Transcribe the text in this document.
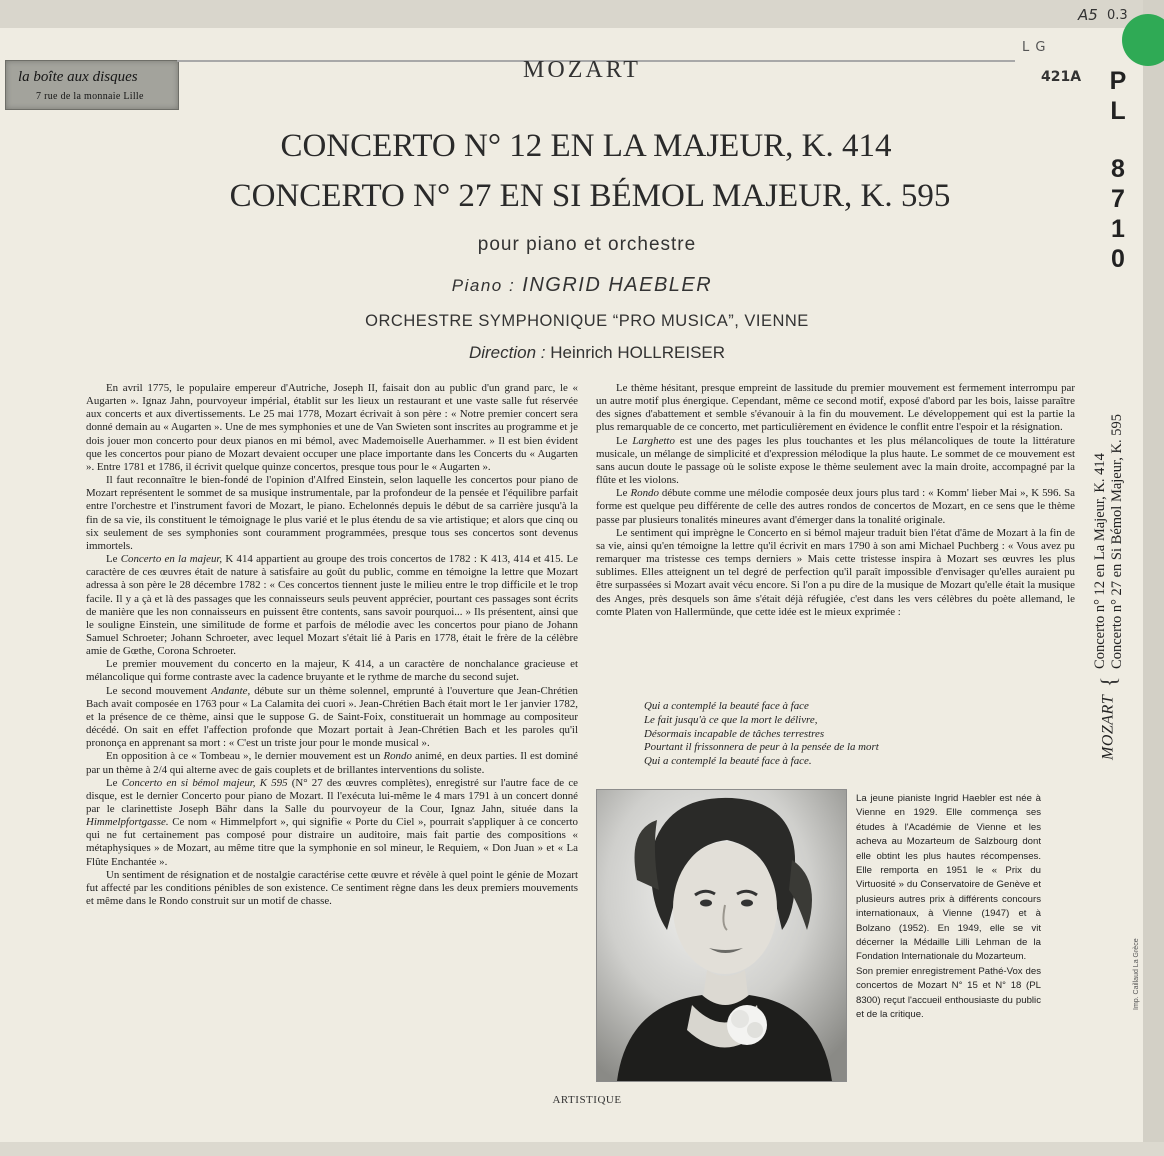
la boîte aux disques
7 rue de la monnaie Lille
MOZART
CONCERTO N° 12 EN LA MAJEUR, K. 414
CONCERTO N° 27 EN SI BÉMOL MAJEUR, K. 595
pour piano et orchestre
Piano : INGRID HAEBLER
ORCHESTRE SYMPHONIQUE “PRO MUSICA”, VIENNE
Direction : Heinrich HOLLREISER

En avril 1775, le populaire empereur d'Autriche, Joseph II, faisait don au public d'un grand parc, le « Augarten ». Ignaz Jahn, pourvoyeur impérial, établit sur les lieux un restaurant et une vaste salle fut réservée aux concerts et aux divertissements. Le 25 mai 1778, Mozart écrivait à son père : « Notre premier concert sera donné demain au « Augarten ». Une de mes symphonies et une de Van Swieten sont inscrites au programme et je dois jouer mon concerto pour deux pianos en mi bémol, avec Mademoiselle Auerhammer. » Il est bien évident que les concertos pour piano de Mozart devaient occuper une place importante dans les Concerts du « Augarten ». Entre 1781 et 1786, il écrivit quelque quinze concertos, presque tous pour le « Augarten ».

Il faut reconnaître le bien-fondé de l'opinion d'Alfred Einstein, selon laquelle les concertos pour piano de Mozart représentent le sommet de sa musique instrumentale, par la profondeur de la pensée et l'équilibre parfait entre l'orchestre et l'instrument favori de Mozart, le piano. Echelonnés depuis le début de sa carrière jusqu'à la fin de sa vie, ils constituent le témoignage le plus varié et le plus étendu de sa vie artistique; et alors que cinq ou six seulement de ses symphonies sont couramment programmées, presque tous ses concertos sont devenus immortels.

Le Concerto en la majeur, K 414 appartient au groupe des trois concertos de 1782 : K 413, 414 et 415. Le caractère de ces œuvres était de nature à satisfaire au goût du public, comme en témoigne la lettre que Mozart adressa à son père le 28 décembre 1782 : « Ces concertos tiennent juste le milieu entre le trop difficile et le trop facile. Il y a çà et là des passages que les connaisseurs seuls peuvent apprécier, pourtant ces passages sont écrits de manière que les non connaisseurs en puissent être contents, sans savoir pourquoi... » Ils présentent, ainsi que le souligne Einstein, une similitude de forme et parfois de mélodie avec les concertos pour piano de Johann Samuel Schroeter; Johann Schroeter, avec lequel Mozart s'était lié à Paris en 1778, était le frère de la célèbre amie de Gœthe, Corona Schroeter.

Le premier mouvement du concerto en la majeur, K 414, a un caractère de nonchalance gracieuse et mélancolique qui forme contraste avec la cadence bruyante et le rythme de marche du second sujet.

Le second mouvement Andante, débute sur un thème solennel, emprunté à l'ouverture que Jean-Chrétien Bach avait composée en 1763 pour « La Calamita dei cuori ». Jean-Chrétien Bach était mort le 1er janvier 1782, et la présence de ce thème, ainsi que le suppose G. de Saint-Foix, constituerait un hommage au compositeur décédé. On sait en effet l'affection profonde que Mozart portait à Jean-Chrétien Bach et les paroles qu'il prononça en apprenant sa mort : « C'est un triste jour pour le monde musical ».

En opposition à ce « Tombeau », le dernier mouvement est un Rondo animé, en deux parties. Il est dominé par un thème à 2/4 qui alterne avec de gais couplets et de brillantes interventions du soliste.

Le Concerto en si bémol majeur, K 595 (N° 27 des œuvres complètes), enregistré sur l'autre face de ce disque, est le dernier Concerto pour piano de Mozart. Il l'exécuta lui-même le 4 mars 1791 à un concert donné par le clarinettiste Joseph Bähr dans la Salle du pourvoyeur de la Cour, Ignaz Jahn, située dans la Himmelpfortgasse. Ce nom « Himmelpfort », qui signifie « Porte du Ciel », pourrait s'appliquer à ce concerto qui ne fut certainement pas composé pour distraire un auditoire, mais fait partie des compositions « métaphysiques » de Mozart, au même titre que la symphonie en sol mineur, le Requiem, « Don Juan » et « La Flûte Enchantée ».

Un sentiment de résignation et de nostalgie caractérise cette œuvre et révèle à quel point le génie de Mozart fut affecté par les conditions pénibles de son existence. Ce sentiment règne dans les deux premiers mouvements et même dans le Rondo construit sur un motif de chasse.

Le thème hésitant, presque empreint de lassitude du premier mouvement est fermement interrompu par un autre motif plus énergique. Cependant, même ce second motif, exposé d'abord par les bois, laisse paraître des signes d'abattement et semble s'évanouir à la fin du mouvement. Le développement qui est la partie la plus remarquable de ce concerto, met particulièrement en évidence le conflit entre l'espoir et la résignation.

Le Larghetto est une des pages les plus touchantes et les plus mélancoliques de toute la littérature musicale, un mélange de simplicité et d'expression mélodique la plus haute. Le sommet de ce mouvement est sans aucun doute le passage où le soliste expose le thème seulement avec la main droite, accompagné par la flûte et les violons.

Le Rondo débute comme une mélodie composée deux jours plus tard : « Komm' lieber Mai », K 596. Sa forme est quelque peu différente de celle des autres rondos de concertos de Mozart, en ce sens que le thème passe par plusieurs tonalités mineures avant d'émerger dans la tonalité originale.

Le sentiment qui imprègne le Concerto en si bémol majeur traduit bien l'état d'âme de Mozart à la fin de sa vie, ainsi qu'en témoigne la lettre qu'il écrivit en mars 1790 à son ami Michael Puchberg : « Vous avez pu remarquer ma tristesse ces temps derniers » Mais cette tristesse inspira à Mozart ses œuvres les plus sublimes. Elles atteignent un tel degré de perfection qu'il paraît impossible d'envisager qu'elles auraient pu être surpassées si Mozart avait vécu encore. Si l'on a pu dire de la musique de Mozart qu'elle était la musique des Anges, près desquels son âme s'était déjà réfugiée, c'est dans les vers célèbres du poète allemand, le comte Platen von Hallermünde, que cette idée est le mieux exprimée :

Qui a contemplé la beauté face à face
Le fait jusqu'à ce que la mort le délivre,
Désormais incapable de tâches terrestres
Pourtant il frissonnera de peur à la pensée de la mort
Qui a contemplé la beauté face à face.

La jeune pianiste Ingrid Haebler est née à Vienne en 1929. Elle commença ses études à l'Académie de Vienne et les acheva au Mozarteum de Salzbourg dont elle obtint les plus hautes récompenses. Elle remporta en 1951 le « Prix du Virtuosité » du Conservatoire de Genève et plusieurs autres prix à différents concours internationaux, à Vienne (1947) et à Bolzano (1952). En 1949, elle se vit décerner la Médaille Lilli Lehman de la Fondation Internationale du Mozarteum.

Son premier enregistrement Pathé-Vox des concertos de Mozart N° 15 et N° 18 (PL 8300) reçut l'accueil enthousiaste du public et de la critique.

ARTISTIQUE
P
L
8
7
1
0
MOZART {
Concerto n° 12 en La Majeur, K. 414 Concerto n° 27 en Si Bémol Majeur, K. 595
A5 0.3
L G
421A
Imp. Caillaud La Grèce
